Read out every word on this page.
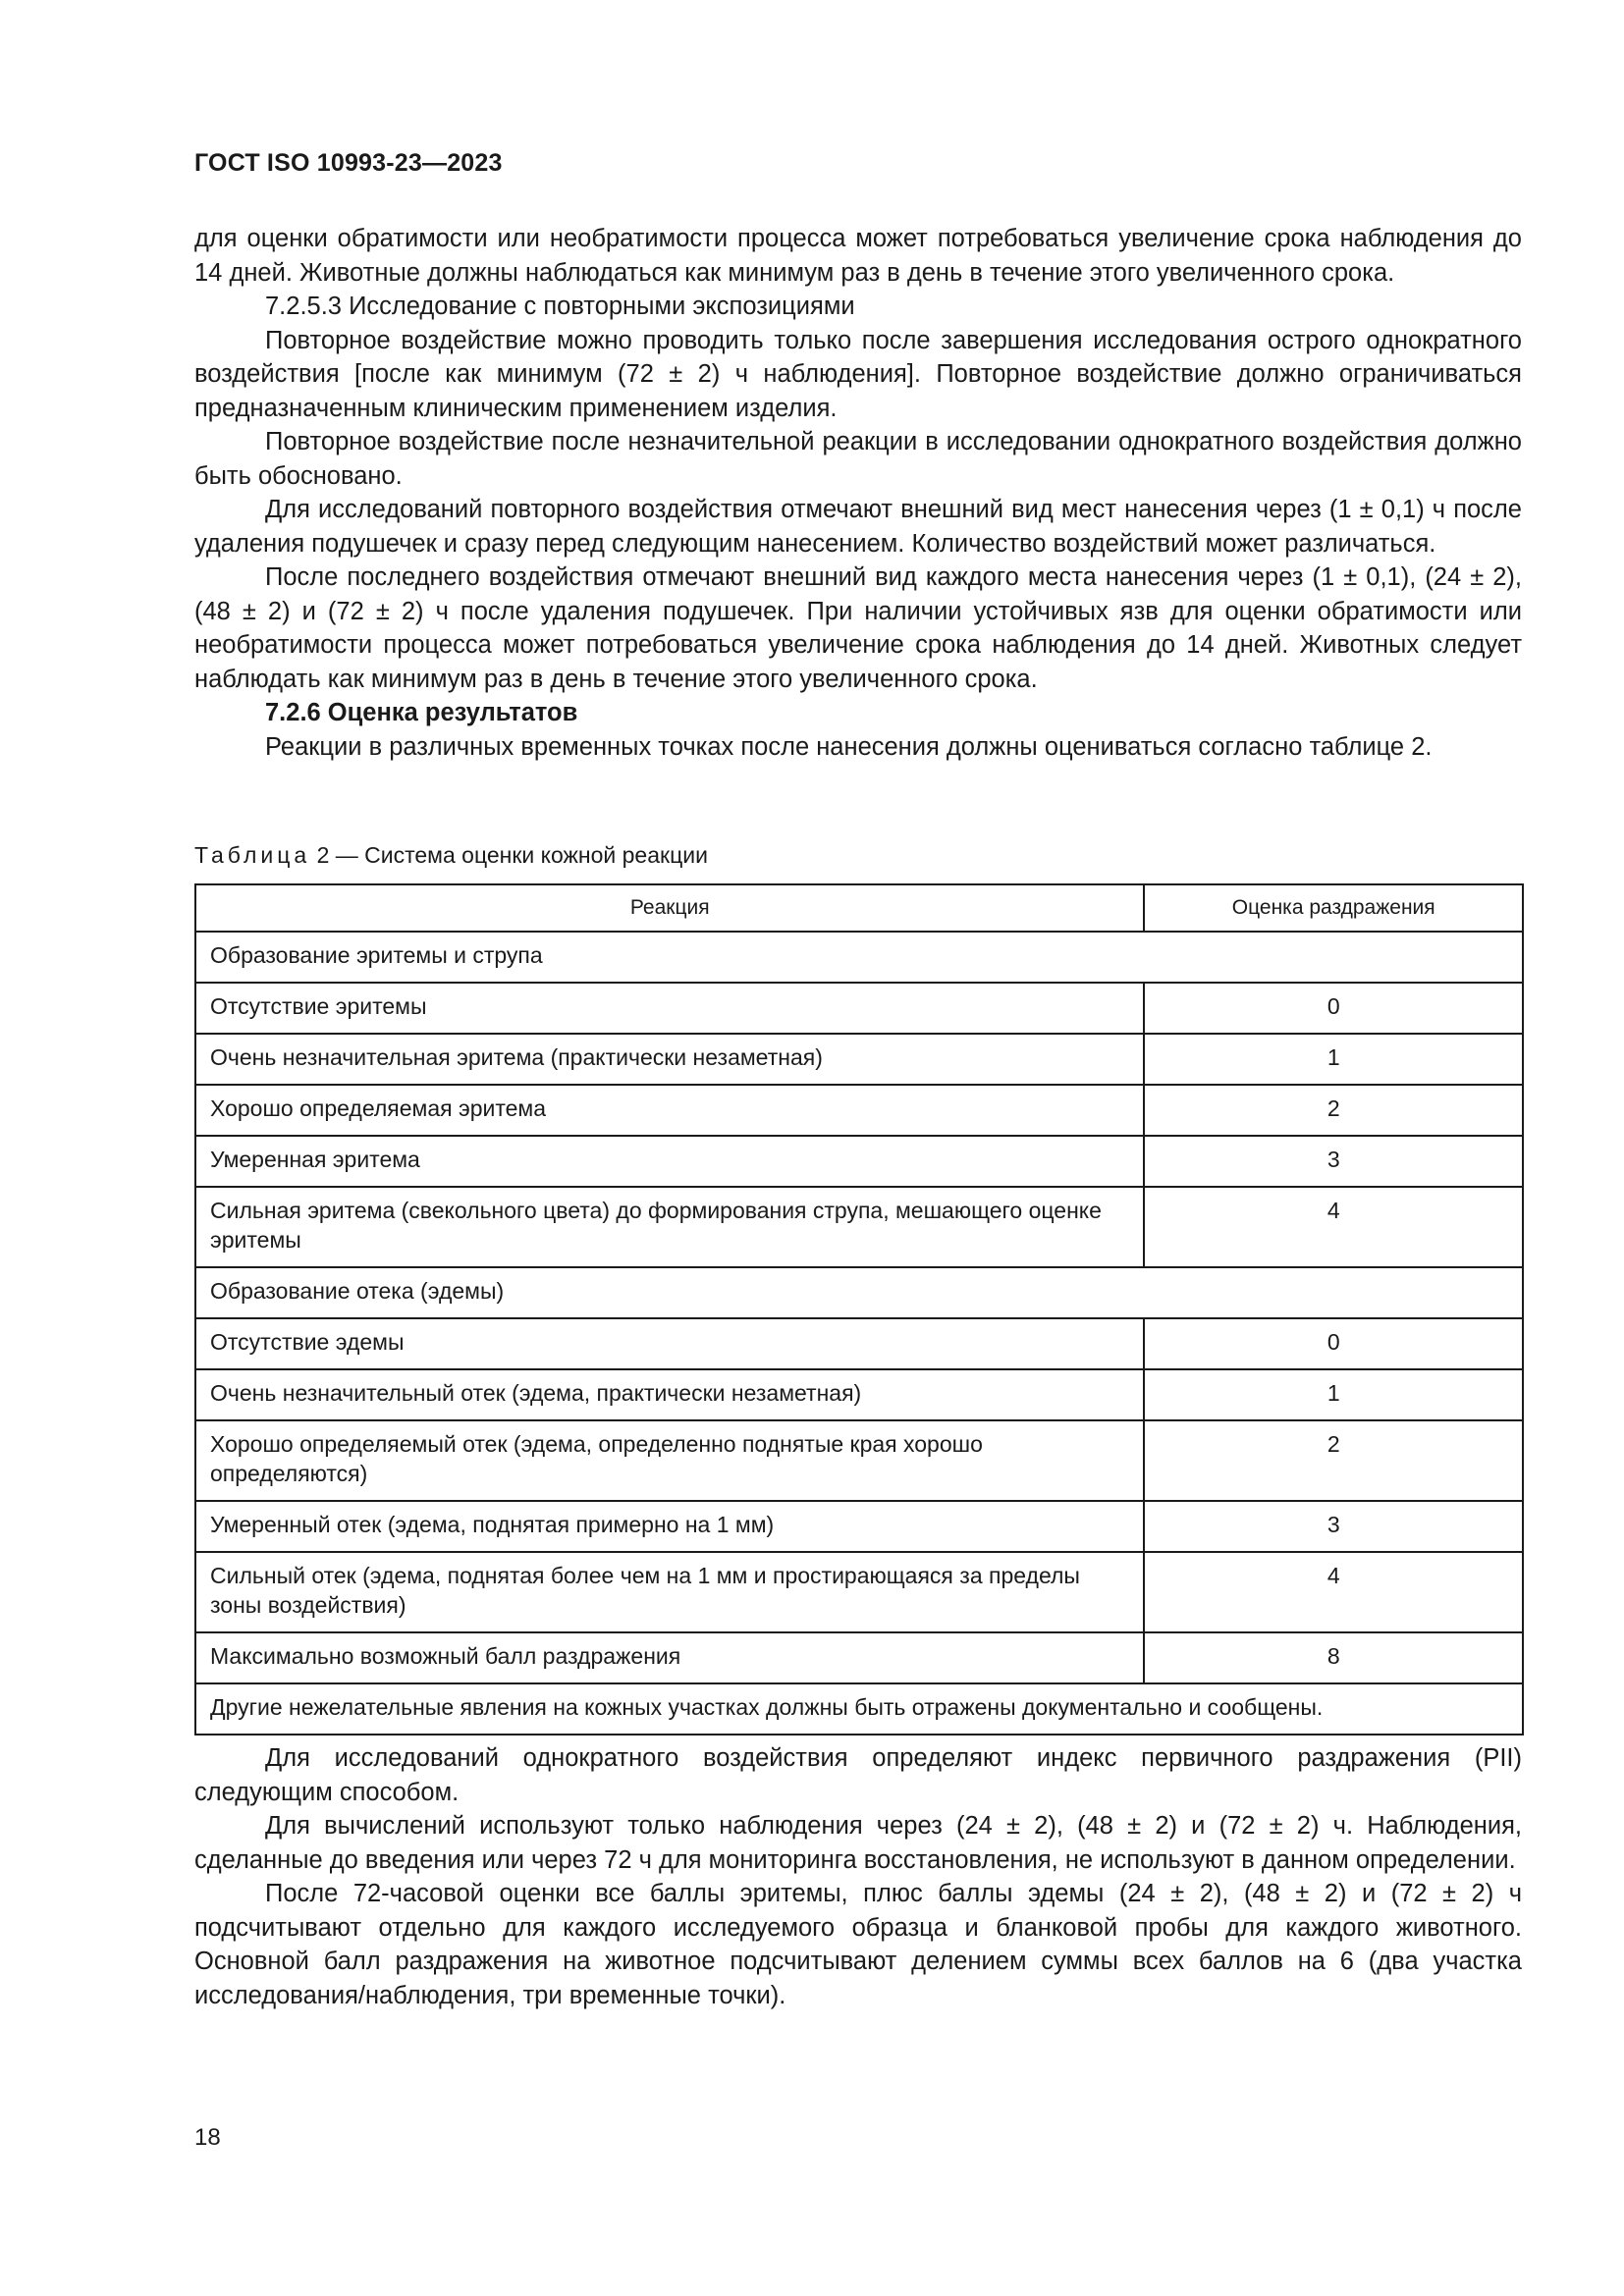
ГОСТ ISO 10993-23—2023

для оценки обратимости или необратимости процесса может потребоваться увеличение срока наблюдения до 14 дней. Животные должны наблюдаться как минимум раз в день в течение этого увеличенного срока.

7.2.5.3 Исследование с повторными экспозициями

Повторное воздействие можно проводить только после завершения исследования острого однократного воздействия [после как минимум (72 ± 2) ч наблюдения]. Повторное воздействие должно ограничиваться предназначенным клиническим применением изделия.

Повторное воздействие после незначительной реакции в исследовании однократного воздействия должно быть обосновано.

Для исследований повторного воздействия отмечают внешний вид мест нанесения через (1 ± 0,1) ч после удаления подушечек и сразу перед следующим нанесением. Количество воздействий может различаться.

После последнего воздействия отмечают внешний вид каждого места нанесения через (1 ± 0,1), (24 ± 2), (48 ± 2) и (72 ± 2) ч после удаления подушечек. При наличии устойчивых язв для оценки обратимости или необратимости процесса может потребоваться увеличение срока наблюдения до 14 дней. Животных следует наблюдать как минимум раз в день в течение этого увеличенного срока.

7.2.6 Оценка результатов

Реакции в различных временных точках после нанесения должны оцениваться согласно таблице 2.

Таблица 2 — Система оценки кожной реакции
Реакция	Оценка раздражения
Образование эритемы и струпа	
Отсутствие эритемы	0
Очень незначительная эритема (практически незаметная)	1
Хорошо определяемая эритема	2
Умеренная эритема	3
Сильная эритема (свекольного цвета) до формирования струпа, мешающего оценке эритемы	4
Образование отека (эдемы)	
Отсутствие эдемы	0
Очень незначительный отек (эдема, практически незаметная)	1
Хорошо определяемый отек (эдема, определенно поднятые края хорошо определяются)	2
Умеренный отек (эдема, поднятая примерно на 1 мм)	3
Сильный отек (эдема, поднятая более чем на 1 мм и простирающаяся за пределы зоны воздействия)	4
Максимально возможный балл раздражения	8
Другие нежелательные явления на кожных участках должны быть отражены документально и сообщены.	

Для исследований однократного воздействия определяют индекс первичного раздражения (PII) следующим способом.

Для вычислений используют только наблюдения через (24 ± 2), (48 ± 2) и (72 ± 2) ч. Наблюдения, сделанные до введения или через 72 ч для мониторинга восстановления, не используют в данном определении.

После 72-часовой оценки все баллы эритемы, плюс баллы эдемы (24 ± 2), (48 ± 2) и (72 ± 2) ч подсчитывают отдельно для каждого исследуемого образца и бланковой пробы для каждого животного. Основной балл раздражения на животное подсчитывают делением суммы всех баллов на 6 (два участка исследования/наблюдения, три временные точки).

18
